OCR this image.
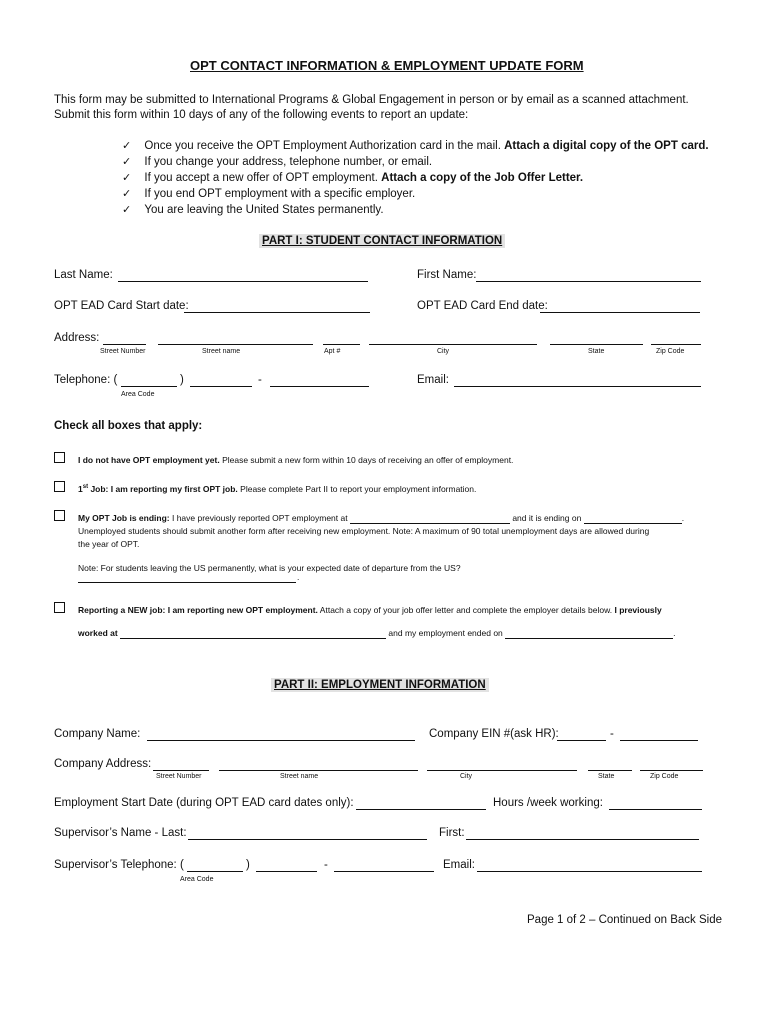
OPT CONTACT INFORMATION & EMPLOYMENT UPDATE FORM
This form may be submitted to International Programs & Global Engagement in person or by email as a scanned attachment.
Submit this form within 10 days of any of the following events to report an update:
✓ Once you receive the OPT Employment Authorization card in the mail. Attach a digital copy of the OPT card.
✓ If you change your address, telephone number, or email.
✓ If you accept a new offer of OPT employment. Attach a copy of the Job Offer Letter.
✓ If you end OPT employment with a specific employer.
✓ You are leaving the United States permanently.
PART I: STUDENT CONTACT INFORMATION
Last Name:	First Name:
OPT EAD Card Start date:	OPT EAD Card End date:
Address:
Street Number	Street name	Apt #	City	State	Zip Code
Telephone: (	)	-
Area Code
Email:
Check all boxes that apply:
I do not have OPT employment yet. Please submit a new form within 10 days of receiving an offer of employment.
1st Job: I am reporting my first OPT job. Please complete Part II to report your employment information.
My OPT Job is ending: I have previously reported OPT employment at	and it is ending on	.
Unemployed students should submit another form after receiving new employment. Note: A maximum of 90 total unemployment days are allowed during
the year of OPT.
Note: For students leaving the US permanently, what is your expected date of departure from the US?
.
Reporting a NEW job: I am reporting new OPT employment. Attach a copy of your job offer letter and complete the employer details below. I previously
worked at	and my employment ended on	.
PART II: EMPLOYMENT INFORMATION
Company Name:	Company EIN #(ask HR):	-
Company Address:
Street Number	Street name	City	State	Zip Code
Employment Start Date (during OPT EAD card dates only):	Hours /week working:
Supervisor’s Name - Last:	First:
Supervisor’s Telephone: (	)	-
Area Code
Email:
Page 1 of 2 – Continued on Back Side
